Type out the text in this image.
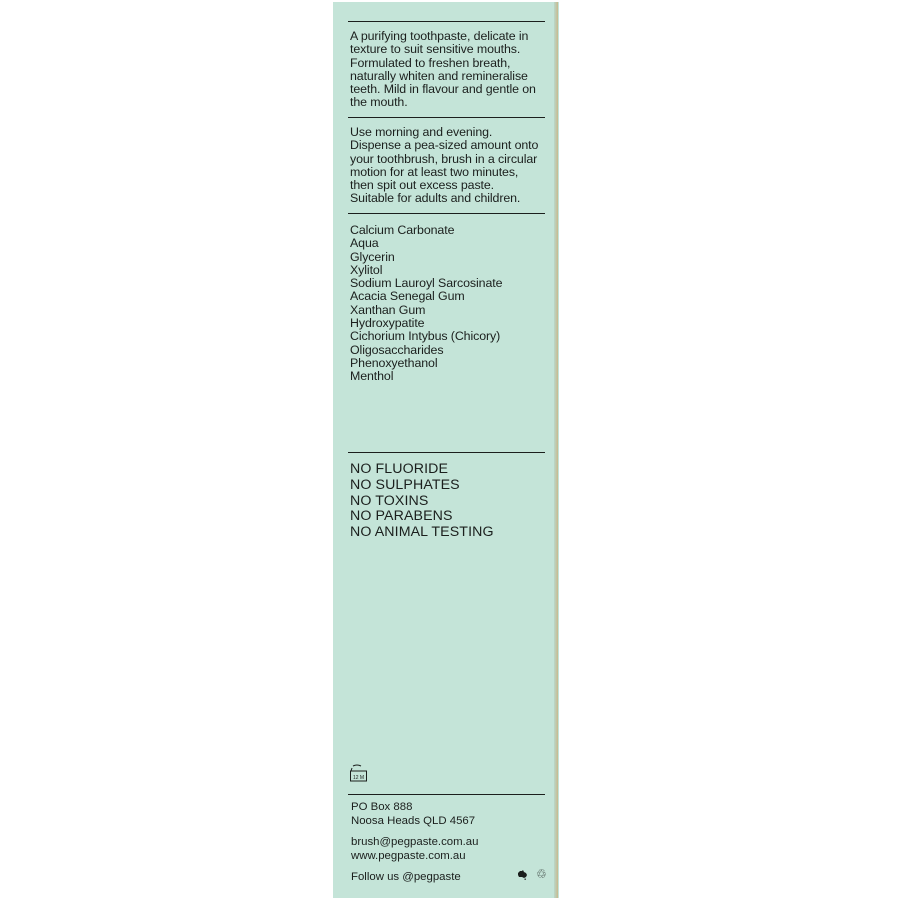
A purifying toothpaste, delicate in

texture to suit sensitive mouths.

Formulated to freshen breath,

naturally whiten and remineralise

teeth. Mild in flavour and gentle on

the mouth.

Use morning and evening.

Dispense a pea-sized amount onto

your toothbrush, brush in a circular

motion for at least two minutes,

then spit out excess paste.

Suitable for adults and children.

Calcium Carbonate
Aqua
Glycerin
Xylitol
Sodium Lauroyl Sarcosinate
Acacia Senegal Gum
Xanthan Gum
Hydroxypatite
Cichorium Intybus (Chicory)
Oligosaccharides
Phenoxyethanol
Menthol
NO FLUORIDE
NO SULPHATES
NO TOXINS
NO PARABENS
NO ANIMAL TESTING
12 M

PO Box 888

Noosa Heads QLD 4567

brush@pegpaste.com.au

www.pegpaste.com.au

Follow us @pegpaste	♲
